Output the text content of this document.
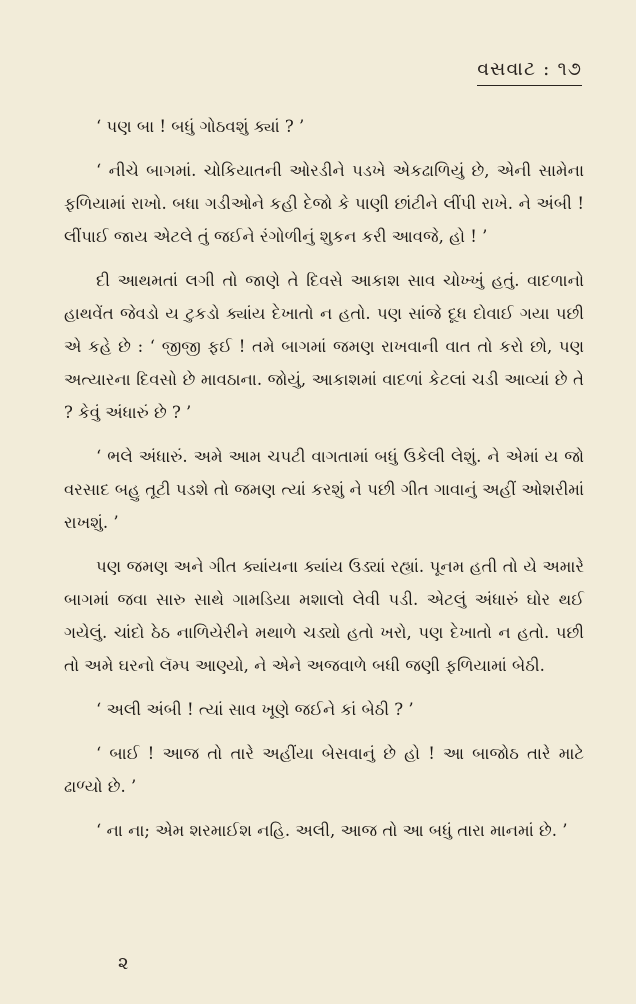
વસવાટ : ૧૭

‘ પણ બા ! બધું ગોઠવશું ક્યાં ? ’

‘ નીચે બાગમાં. ચોકિયાતની ઓરડીને પડખે એકઢાળિયું છે, એની સામેના ફળિયામાં રાખો. બધા ગડીઓને કહી દેજો કે પાણી છાંટીને લીંપી રાખે. ને અંબી ! લીંપાઈ જાય એટલે તું જઈને રંગોળીનું શુકન કરી આવજે, હો ! ’

દી આથમતાં લગી તો જાણે તે દિવસે આકાશ સાવ ચોખ્ખું હતું. વાદળાનો હાથવેંત જેવડો ય ટુકડો ક્યાંય દેખાતો ન હતો. પણ સાંજે દૂધ દોવાઈ ગયા પછી એ કહે છે : ‘ જીજી ફઈ ! તમે બાગમાં જમણ રાખવાની વાત તો કરો છો, પણ અત્યારના દિવસો છે માવઠાના. જોયું, આકાશમાં વાદળાં કેટલાં ચડી આવ્યાં છે તે ? કેવું અંધારું છે ? ’

‘ ભલે અંધારું. અમે આમ ચપટી વાગતામાં બધું ઉકેલી લેશું. ને એમાં ય જો વરસાદ બહુ તૂટી પડશે તો જમણ ત્યાં કરશું ને પછી ગીત ગાવાનું અહીં ઓશરીમાં રાખશું. ’

પણ જમણ અને ગીત ક્યાંયના ક્યાંય ઉડ્યાં રહ્યાં. પૂનમ હતી તો યે અમારે બાગમાં જવા સારુ સાથે ગામડિયા મશાલો લેવી પડી. એટલું અંધારું ઘોર થઈ ગયેલું. ચાંદો ઠેઠ નાળિયેરીને મથાળે ચડ્યો હતો ખરો, પણ દેખાતો ન હતો. પછી તો અમે ઘરનો લૅમ્પ આણ્યો, ને એને અજવાળે બધી જણી ફળિયામાં બેઠી.

‘ અલી અંબી ! ત્યાં સાવ ખૂણે જઈને કાં બેઠી ? ’

‘ બાઈ ! આજ તો તારે અહીંયા બેસવાનું છે હો ! આ બાજોઠ તારે માટે ઢાળ્યો છે. ’

‘ ના ના; એમ શરમાઈશ નહિ. અલી, આજ તો આ બધું તારા માનમાં છે. ’

૨
